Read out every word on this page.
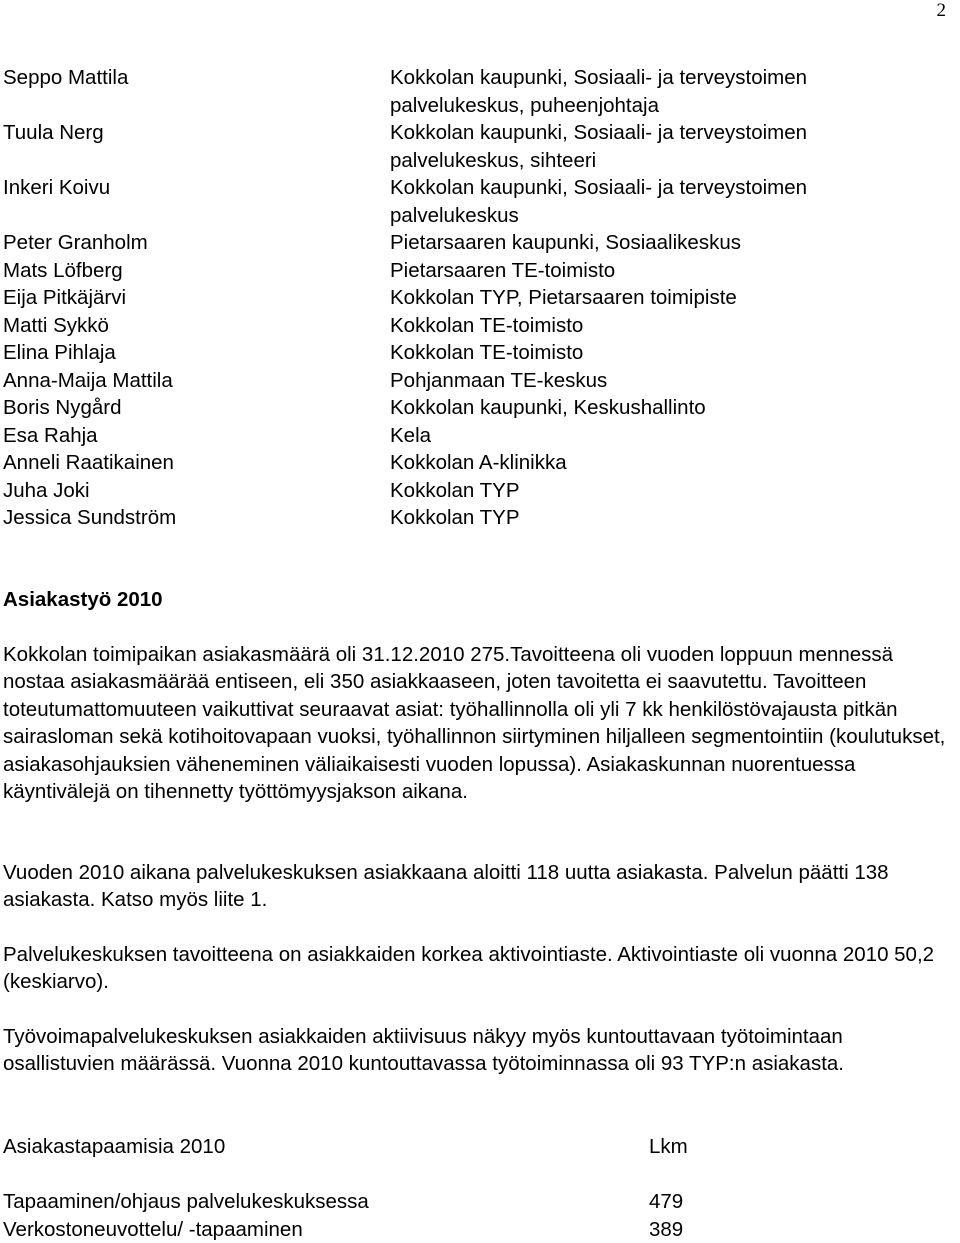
2
Seppo Mattila	Kokkolan kaupunki, Sosiaali- ja terveystoimen
palvelukeskus, puheenjohtaja
Tuula Nerg	Kokkolan kaupunki, Sosiaali- ja terveystoimen
palvelukeskus, sihteeri
Inkeri Koivu	Kokkolan kaupunki, Sosiaali- ja terveystoimen
palvelukeskus
Peter Granholm	Pietarsaaren kaupunki, Sosiaalikeskus
Mats Löfberg	Pietarsaaren TE-toimisto
Eija Pitkäjärvi	Kokkolan TYP, Pietarsaaren toimipiste
Matti Sykkö	Kokkolan TE-toimisto
Elina Pihlaja	Kokkolan TE-toimisto
Anna-Maija Mattila	Pohjanmaan TE-keskus
Boris Nygård	Kokkolan kaupunki, Keskushallinto
Esa Rahja	Kela
Anneli Raatikainen	Kokkolan A-klinikka
Juha Joki	Kokkolan TYP
Jessica Sundström	Kokkolan TYP
Asiakastyö 2010
Kokkolan toimipaikan asiakasmäärä oli 31.12.2010 275.Tavoitteena oli vuoden loppuun mennessä nostaa asiakasmäärää entiseen, eli 350 asiakkaaseen, joten tavoitetta ei saavutettu. Tavoitteen toteutumattomuuteen vaikuttivat seuraavat asiat: työhallinnolla oli yli 7 kk henkilöstövajausta pitkän sairasloman sekä kotihoitovapaan vuoksi, työhallinnon siirtyminen hiljalleen segmentointiin (koulutukset, asiakasohjauksien väheneminen väliaikaisesti vuoden lopussa). Asiakaskunnan nuorentuessa käyntivälejä on tihennetty työttömyysjakson aikana.
Vuoden 2010 aikana palvelukeskuksen asiakkaana aloitti 118 uutta asiakasta. Palvelun päätti 138 asiakasta. Katso myös liite 1.
Palvelukeskuksen tavoitteena on asiakkaiden korkea aktivointiaste. Aktivointiaste oli vuonna 2010 50,2 (keskiarvo).
Työvoimapalvelukeskuksen asiakkaiden aktiivisuus näkyy myös kuntouttavaan työtoimintaan osallistuvien määrässä. Vuonna 2010 kuntouttavassa työtoiminnassa oli 93 TYP:n asiakasta.
Asiakastapaamisia 2010	Lkm
Tapaaminen/ohjaus palvelukeskuksessa	479
Verkostoneuvottelu/ -tapaaminen	389
